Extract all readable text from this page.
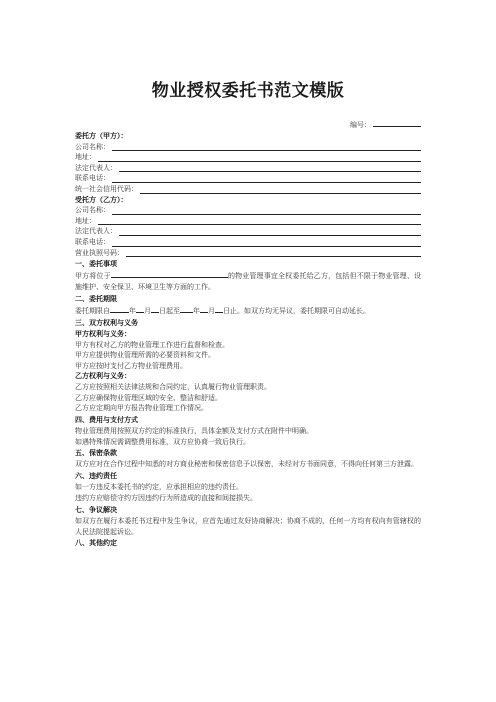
物业授权委托书范文模版
编号：
委托方（甲方）：
公司名称：
地址：
法定代表人：
联系电话：
统一社会信用代码：
受托方（乙方）：
公司名称：
地址：
法定代表人：
联系电话：
营业执照号码：
一、委托事项
甲方将位于	的物业管理事宜全权委托给乙方，包括但不限于物业管理、设施维护、安全保卫、环境卫生等方面的工作。
二、委托期限
委托期限自	年 月 日起至 年 月 日止。如双方均无异议，委托期限可自动延长。
三、双方权利与义务
甲方权利与义务：
甲方有权对乙方的物业管理工作进行监督和检查。
甲方应提供物业管理所需的必要资料和文件。
甲方应按时支付乙方物业管理费用。
乙方权利与义务：
乙方应按照相关法律法规和合同约定，认真履行物业管理职责。
乙方应确保物业管理区域的安全、整洁和舒适。
乙方应定期向甲方报告物业管理工作情况。
四、费用与支付方式
物业管理费用按照双方约定的标准执行，具体金额及支付方式在附件中明确。
如遇特殊情况需调整费用标准，双方应协商一致后执行。
五、保密条款
双方应对在合作过程中知悉的对方商业秘密和保密信息予以保密，未经对方书面同意，不得向任何第三方泄露。
六、违约责任
如一方违反本委托书的约定，应承担相应的违约责任。
违约方应赔偿守约方因违约行为所造成的直接和间接损失。
七、争议解决
如双方在履行本委托书过程中发生争议，应首先通过友好协商解决；协商不成的，任何一方均有权向有管辖权的人民法院提起诉讼。
八、其他约定
